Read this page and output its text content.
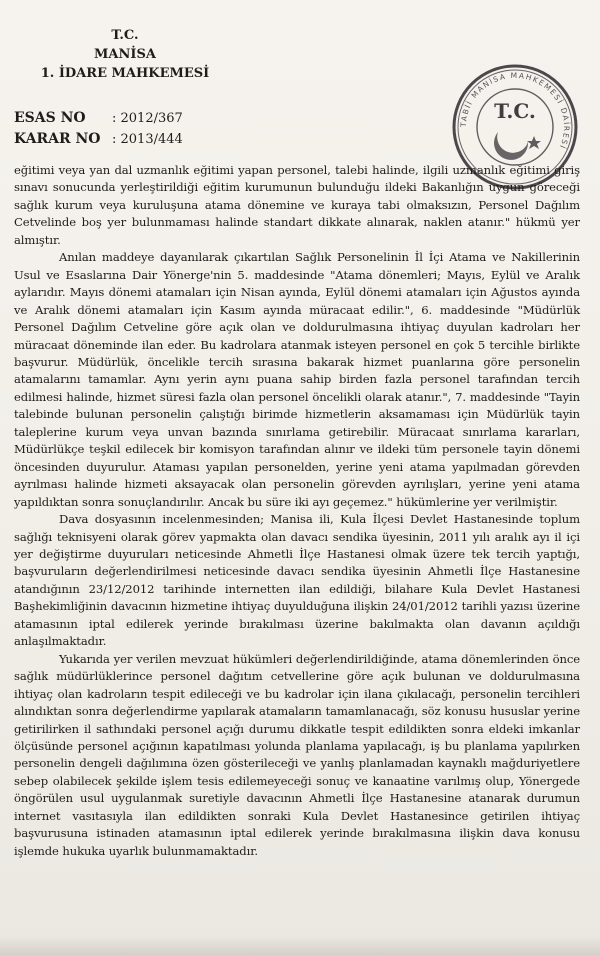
T.C.
MANİSA
1. İDARE MAHKEMESİ
ESAS NO : 2012/367
KARAR NO : 2013/444
TABİİ MANİSA MAHKEMESİ DAİRESİ
T.C.

eğitimi veya yan dal uzmanlık eğitimi yapan personel, talebi halinde, ilgili uzmanlık eğitimi giriş sınavı sonucunda yerleştirildiği eğitim kurumunun bulunduğu ildeki Bakanlığın uygun göreceği sağlık kurum veya kuruluşuna atama dönemine ve kuraya tabi olmaksızın, Personel Dağılım Cetvelinde boş yer bulunmaması halinde standart dikkate alınarak, naklen atanır." hükmü yer almıştır.

Anılan maddeye dayanılarak çıkartılan Sağlık Personelinin İl İçi Atama ve Nakillerinin Usul ve Esaslarına Dair Yönerge'nin 5. maddesinde "Atama dönemleri; Mayıs, Eylül ve Aralık aylarıdır. Mayıs dönemi atamaları için Nisan ayında, Eylül dönemi atamaları için Ağustos ayında ve Aralık dönemi atamaları için Kasım ayında müracaat edilir.", 6. maddesinde "Müdürlük Personel Dağılım Cetveline göre açık olan ve doldurulmasına ihtiyaç duyulan kadroları her müracaat döneminde ilan eder. Bu kadrolara atanmak isteyen personel en çok 5 tercihle birlikte başvurur. Müdürlük, öncelikle tercih sırasına bakarak hizmet puanlarına göre personelin atamalarını tamamlar. Aynı yerin aynı puana sahip birden fazla personel tarafından tercih edilmesi halinde, hizmet süresi fazla olan personel öncelikli olarak atanır.", 7. maddesinde "Tayin talebinde bulunan personelin çalıştığı birimde hizmetlerin aksamaması için Müdürlük tayin taleplerine kurum veya unvan bazında sınırlama getirebilir. Müracaat sınırlama kararları, Müdürlükçe teşkil edilecek bir komisyon tarafından alınır ve ildeki tüm personele tayin dönemi öncesinden duyurulur. Ataması yapılan personelden, yerine yeni atama yapılmadan görevden ayrılması halinde hizmeti aksayacak olan personelin görevden ayrılışları, yerine yeni atama yapıldıktan sonra sonuçlandırılır. Ancak bu süre iki ayı geçemez." hükümlerine yer verilmiştir.

Dava dosyasının incelenmesinden; Manisa ili, Kula İlçesi Devlet Hastanesinde toplum sağlığı teknisyeni olarak görev yapmakta olan davacı sendika üyesinin, 2011 yılı aralık ayı il içi yer değiştirme duyuruları neticesinde Ahmetli İlçe Hastanesi olmak üzere tek tercih yaptığı, başvuruların değerlendirilmesi neticesinde davacı sendika üyesinin Ahmetli İlçe Hastanesine atandığının 23/12/2012 tarihinde internetten ilan edildiği, bilahare Kula Devlet Hastanesi Başhekimliğinin davacının hizmetine ihtiyaç duyulduğuna ilişkin 24/01/2012 tarihli yazısı üzerine atamasının iptal edilerek yerinde bırakılması üzerine bakılmakta olan davanın açıldığı anlaşılmaktadır.

Yukarıda yer verilen mevzuat hükümleri değerlendirildiğinde, atama dönemlerinden önce sağlık müdürlüklerince personel dağıtım cetvellerine göre açık bulunan ve doldurulmasına ihtiyaç olan kadroların tespit edileceği ve bu kadrolar için ilana çıkılacağı, personelin tercihleri alındıktan sonra değerlendirme yapılarak atamaların tamamlanacağı, söz konusu hususlar yerine getirilirken il sathındaki personel açığı durumu dikkatle tespit edildikten sonra eldeki imkanlar ölçüsünde personel açığının kapatılması yolunda planlama yapılacağı, iş bu planlama yapılırken personelin dengeli dağılımına özen gösterileceği ve yanlış planlamadan kaynaklı mağduriyetlere sebep olabilecek şekilde işlem tesis edilemeyeceği sonuç ve kanaatine varılmış olup, Yönergede öngörülen usul uygulanmak suretiyle davacının Ahmetli İlçe Hastanesine atanarak durumun internet vasıtasıyla ilan edildikten sonraki Kula Devlet Hastanesince getirilen ihtiyaç başvurusuna istinaden atamasının iptal edilerek yerinde bırakılmasına ilişkin dava konusu işlemde hukuka uyarlık bulunmamaktadır.
